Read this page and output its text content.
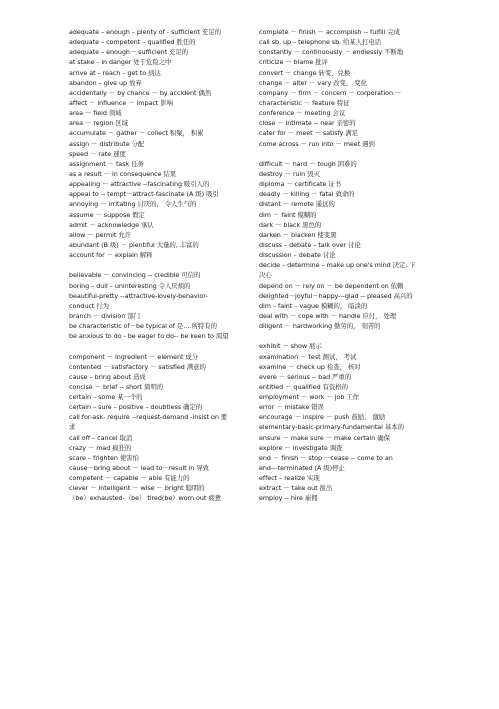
adequate – enough – plenty of - sufficient 充足的
adequate – competent – qualified 胜任的
adequate – enough－ sufficient 充足的
at stake – in danger 处于危险之中
arrive at – reach – get to 到达
abandon – give up 放弃
accidentally － by chance － by accident 偶然
affect － influence － impact 影响
area － field 领域
area － region 区域
accumulate － gather － collect 积聚， 积累
assign － distribute 分配
speed － rate 速度
assignment － task 任务
as a result － in consequence 结果
appealing － attractive --fascinating 吸引人的
appeal to -- tempt－attract-fascinate (A 级) 吸引
annoying － irritating 讨厌的， 令人生气的
assume － suppose 假定
admit － acknowledge 承认
allow － permit 允许
abundant (B 级) － plentiful 大量的, 丰富的
account for － explain 解释
believable － convincing -- credible 可信的
boring – dull – uninteresting 令人厌烦的
beautiful-pretty --attractive-lovely-behavior-
conduct 行为
branch － division 部门
be characteristic of－be typical of 是….所特有的
be anxious to do - be eager to do-- be keen to 渴望
component － ingredient － element 成分
contented － satisfactory － satisfied 满意的
cause – bring about 造成
concise － brief -- short 简明的
certain – some 某一个的
certain – sure – positive – doubtless 确定的
call for-ask- require --request-demand -insist on 要
求
call off – cancel 取消
crazy － mad 疯狂的
scare – frighten 使害怕
cause－bring about － lead to－result in 导致
competent － capable － able 有能力的
clever － intelligent － wise － bright 聪明的
（be）exhausted-（be） tired(be）worn out 疲惫
complete － finish － accomplish -- fulfill 完成
call sb. up – telephone sb. 给某人打电话
constantly － continuously － endlessly 不断地
criticize － blame 批评
convert － change 转变，兑换
change － alter － vary 改变， 变化
company － firm － concern － corporation －
characteristic － feature 特征
conference － meeting 会议
close － intimate -- near 亲密的
cater for － meet － satisfy 满足
come across － run into － meet 遇到
difficult － hard － tough 困难的
destroy － ruin 毁灭
diploma － certificate 证书
deadly － killing － fatal 致命的
distant － remote 遥远的
dim － faint 模糊的
dark － black 黑色的
darken － blacken 使变黑
discuss – debate – talk over 讨论
discussion – debate 讨论
decide – determine – make up one's mind 决定, 下
决心
depend on － rely on － be dependent on 依赖
delighted－joyful－happy---glad -- pleased 高兴的
dim – faint – vague 模糊的， 暗淡的
deal with － cope with － handle 应付， 处理
diligent － hardworking 勤劳的， 刻苦的
exhibit － show 展示
examination － test 测试， 考试
examine － check up 检查， 核对
evere － serious -- bad 严重的
entitled － qualified 有资格的
employment － work － job 工作
error － mistake 错误
encourage － inspire － push 鼓励， 激励
elementary-basic-primary-fundamental 基本的
ensure － make sure － make certain 确保
explore － investigate 调查
end － finish － stop －cease -- come to an
end---terminated (A 级)停止
effect – realize 实现
extract － take out 拔出
employ -- hire 雇佣
